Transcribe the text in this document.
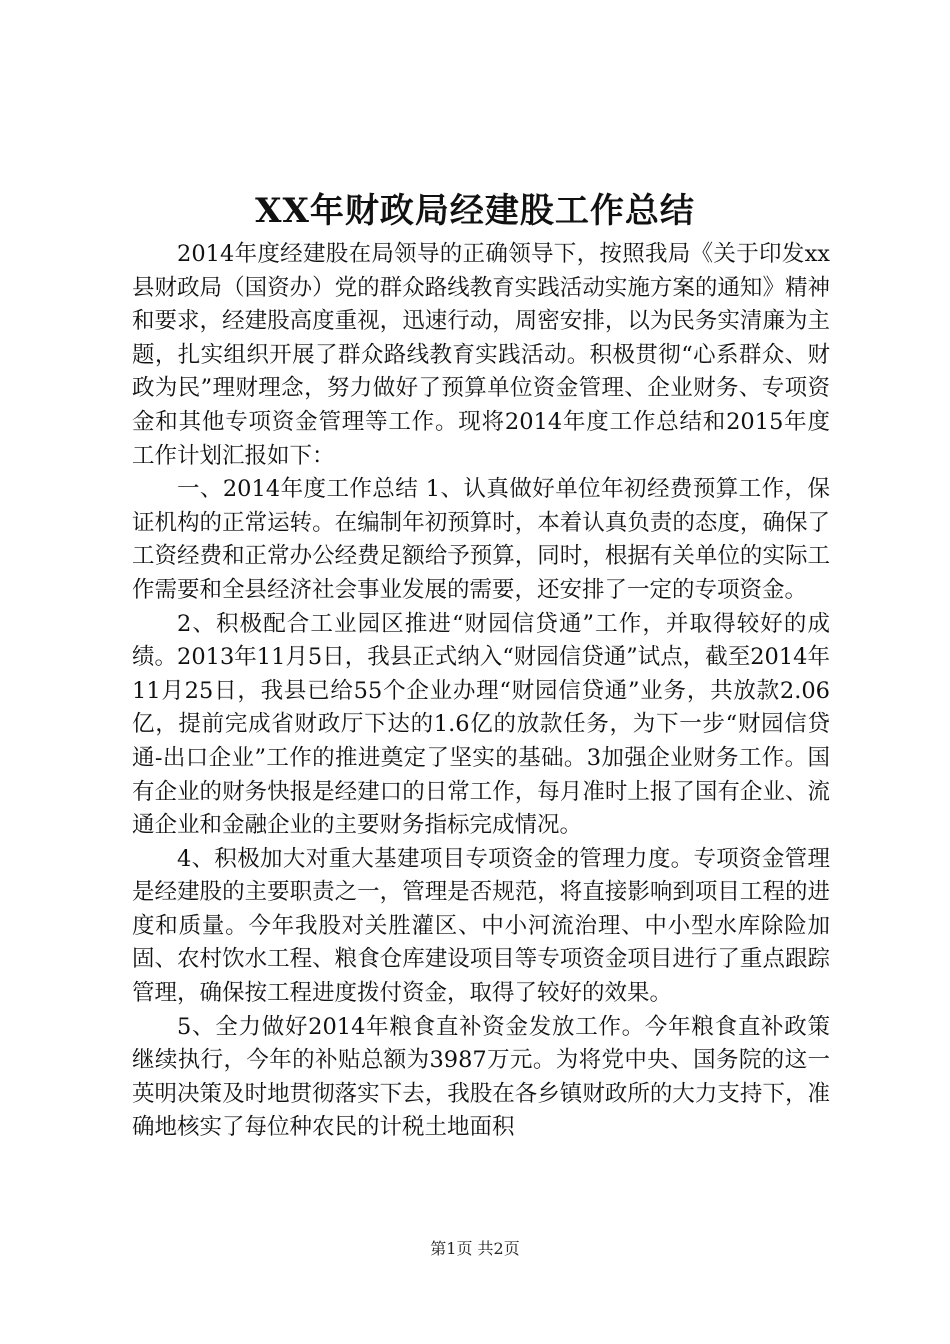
XX年财政局经建股工作总结

2014年度经建股在局领导的正确领导下，按照我局《关于印发xx县财政局（国资办）党的群众路线教育实践活动实施方案的通知》精神和要求，经建股高度重视，迅速行动，周密安排，以为民务实清廉为主题，扎实组织开展了群众路线教育实践活动。积极贯彻“心系群众、财政为民”理财理念，努力做好了预算单位资金管理、企业财务、专项资金和其他专项资金管理等工作。现将2014年度工作总结和2015年度工作计划汇报如下：

一、2014年度工作总结 1、认真做好单位年初经费预算工作，保证机构的正常运转。在编制年初预算时，本着认真负责的态度，确保了工资经费和正常办公经费足额给予预算，同时，根据有关单位的实际工作需要和全县经济社会事业发展的需要，还安排了一定的专项资金。

2、积极配合工业园区推进“财园信贷通”工作，并取得较好的成绩。2013年11月5日，我县正式纳入“财园信贷通”试点，截至2014年11月25日，我县已给55个企业办理“财园信贷通”业务，共放款2.06亿，提前完成省财政厅下达的1.6亿的放款任务，为下一步“财园信贷通-出口企业”工作的推进奠定了坚实的基础。3加强企业财务工作。国有企业的财务快报是经建口的日常工作，每月准时上报了国有企业、流通企业和金融企业的主要财务指标完成情况。

4、积极加大对重大基建项目专项资金的管理力度。专项资金管理是经建股的主要职责之一，管理是否规范，将直接影响到项目工程的进度和质量。今年我股对关胜灌区、中小河流治理、中小型水库除险加固、农村饮水工程、粮食仓库建设项目等专项资金项目进行了重点跟踪管理，确保按工程进度拨付资金，取得了较好的效果。

5、全力做好2014年粮食直补资金发放工作。今年粮食直补政策继续执行，今年的补贴总额为3987万元。为将党中央、国务院的这一英明决策及时地贯彻落实下去，我股在各乡镇财政所的大力支持下，准确地核实了每位种农民的计税土地面积

第1页 共2页
